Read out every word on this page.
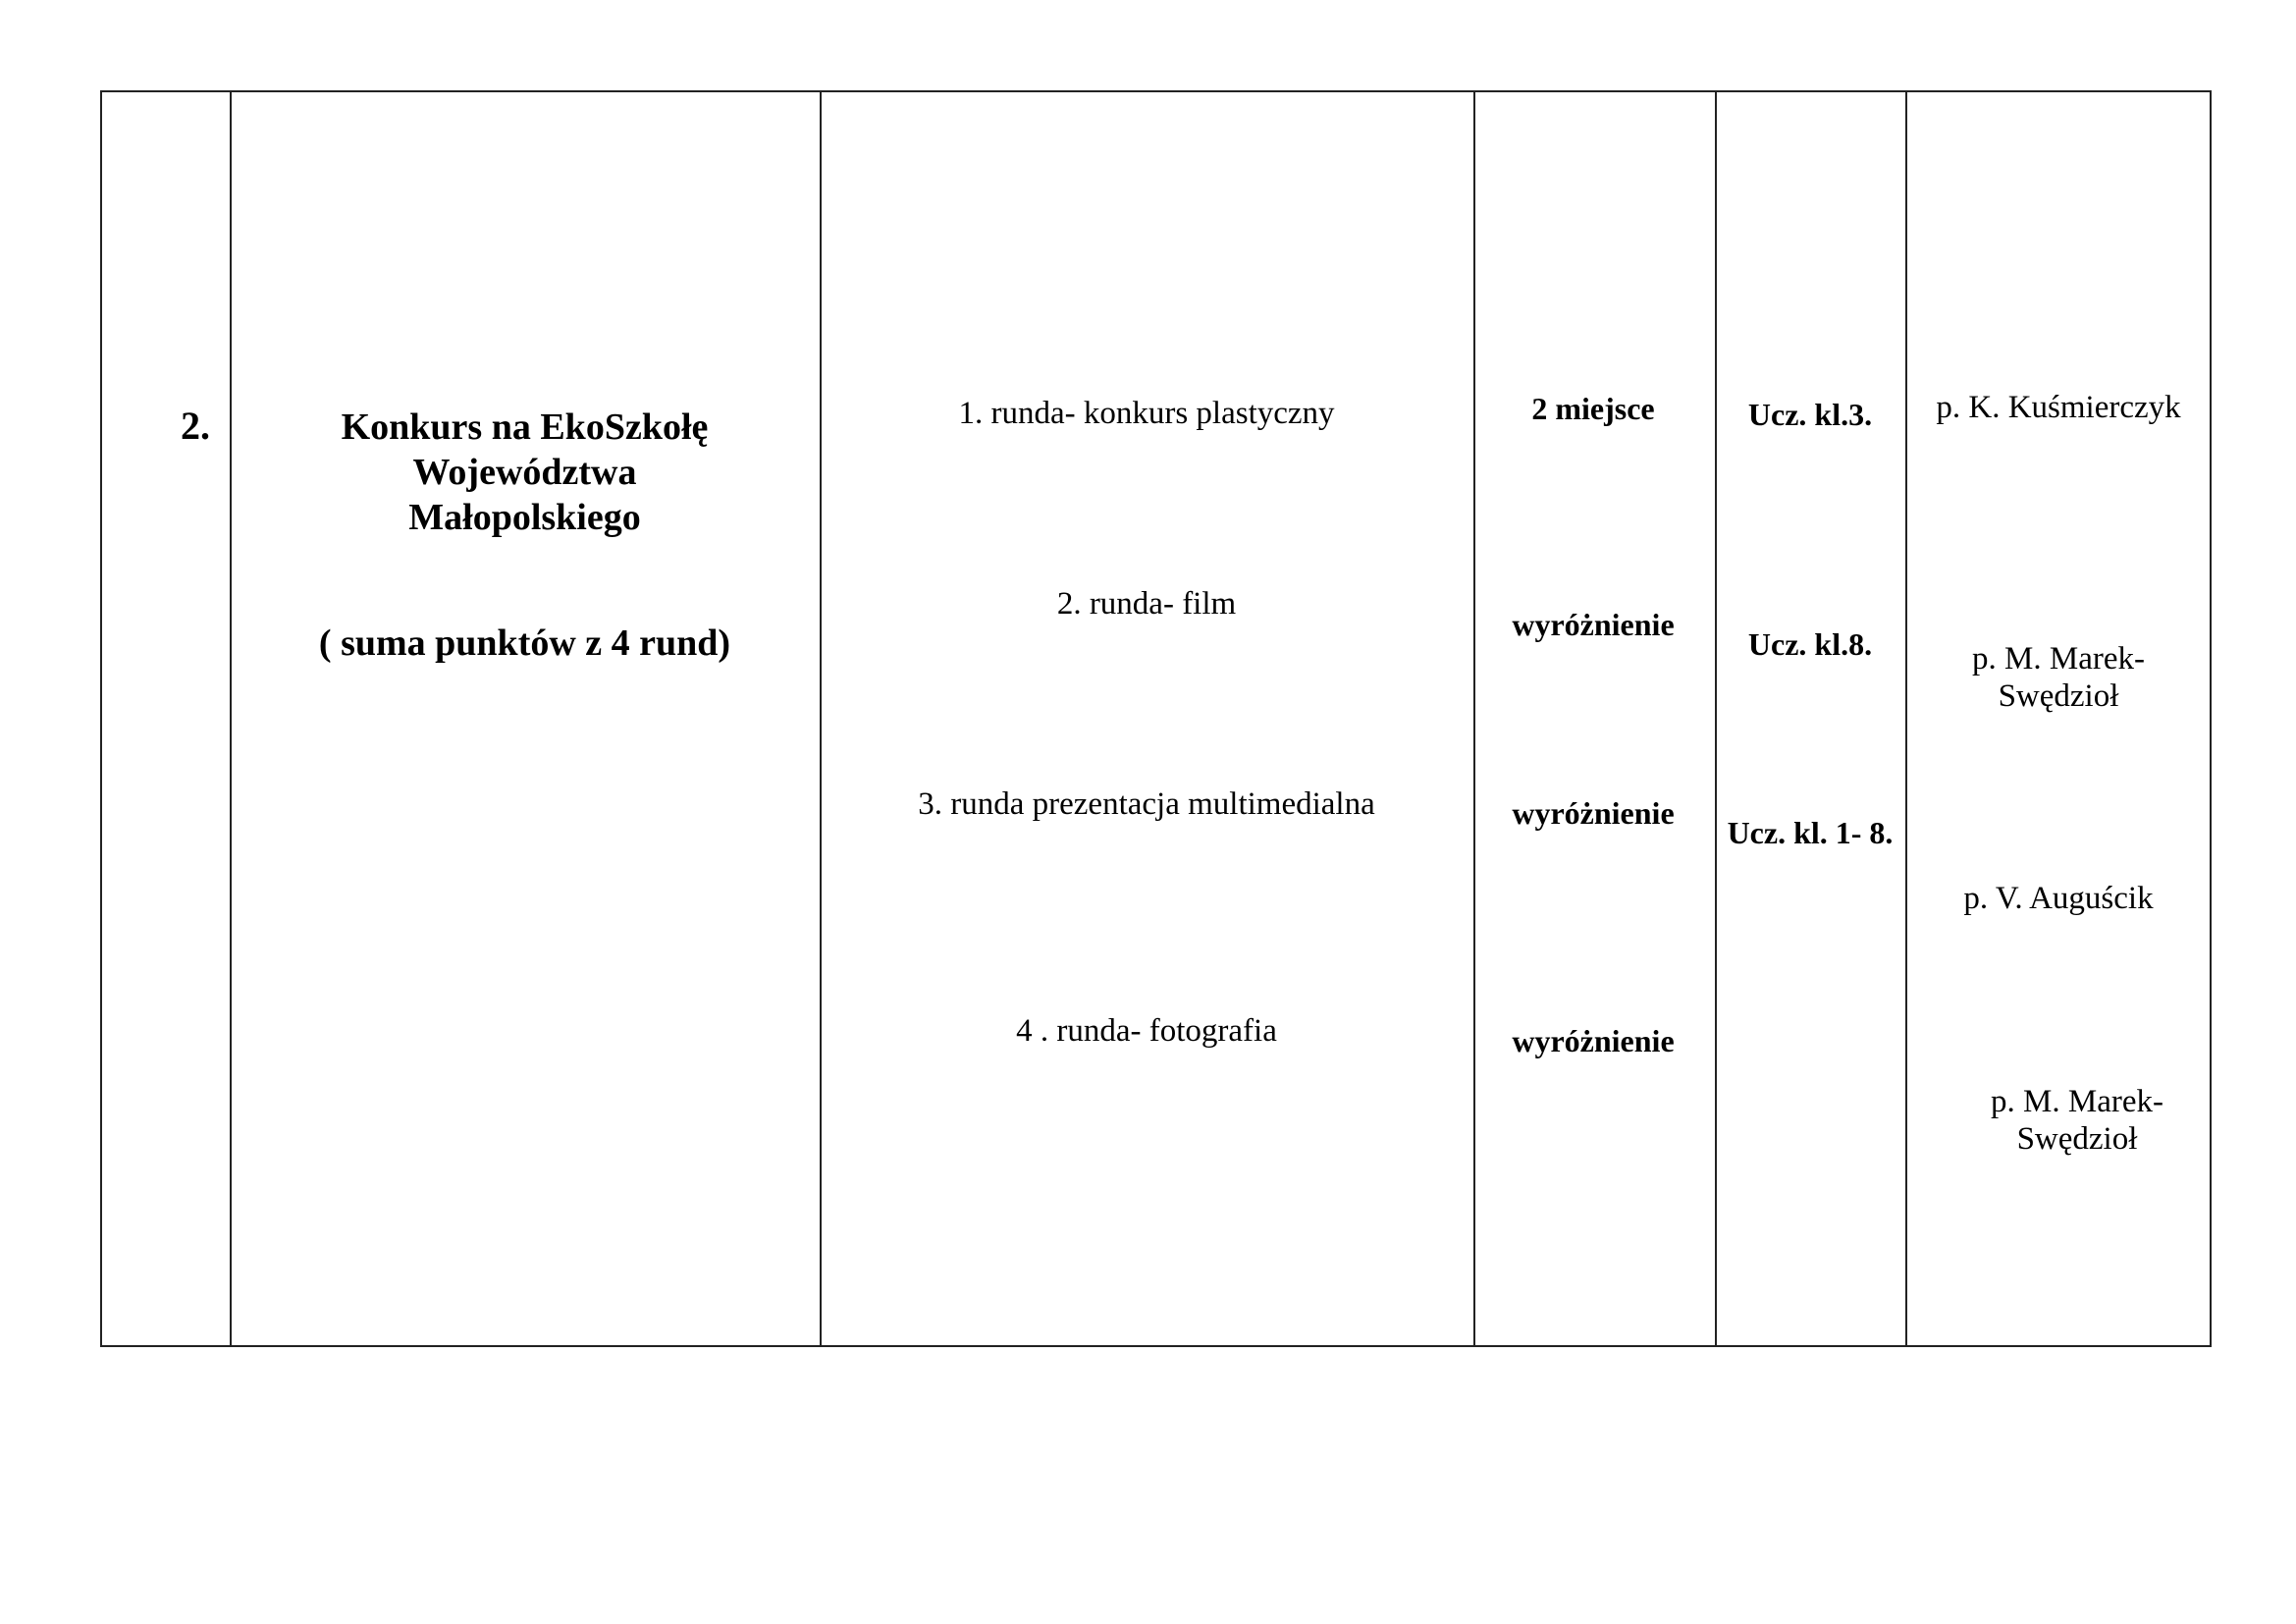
2.	Konkurs na EkoSzkołę
Województwa
Małopolskiego
( suma punktów z 4 rund)
1. runda- konkurs plastyczny
2. runda- film
3. runda prezentacja multimedialna
4 . runda- fotografia
2 miejsce
wyróżnienie
wyróżnienie
wyróżnienie
Ucz. kl.3.
Ucz. kl.8.
Ucz. kl. 1- 8.
p. K. Kuśmierczyk
p. M. Marek-
Swędzioł
p. V. Auguścik
p. M. Marek-
Swędzioł
